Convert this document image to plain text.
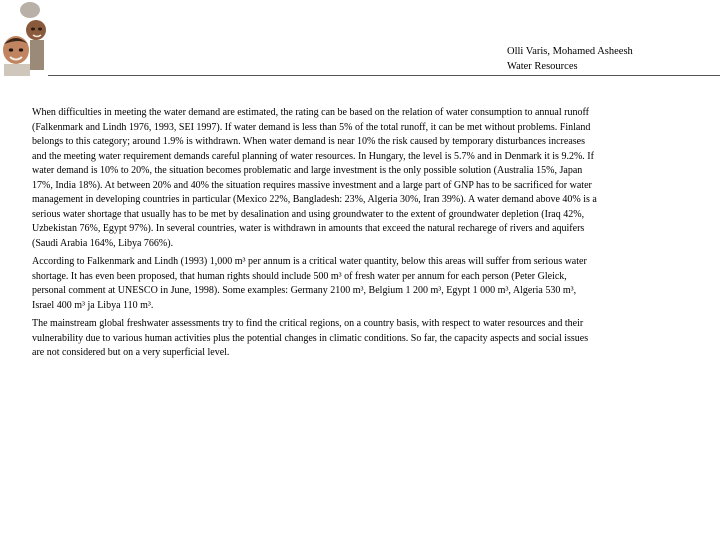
Olli Varis, Mohamed Asheesh
Water Resources

When difficulties in meeting the water demand are estimated, the rating can be based on the relation of water consumption to annual runoff (Falkenmark and Lindh 1976, 1993, SEI 1997). If water demand is less than 5% of the total runoff, it can be met without problems. Finland belongs to this category; around 1.9% is withdrawn. When water demand is near 10% the risk caused by temporary disturbances increases and the meeting water requirement demands careful planning of water resources. In Hungary, the level is 5.7% and in Denmark it is 9.2%. If water demand is 10% to 20%, the situation becomes problematic and large investment is the only possible solution (Australia 15%, Japan 17%, India 18%). At between 20% and 40% the situation requires massive investment and a large part of GNP has to be sacrificed for water management in developing countries in particular (Mexico 22%, Bangladesh: 23%, Algeria 30%, Iran 39%). A water demand above 40% is a serious water shortage that usually has to be met by desalination and using groundwater to the extent of groundwater depletion (Iraq 42%, Uzbekistan 76%, Egypt 97%). In several countries, water is withdrawn in amounts that exceed the natural recharege of rivers and aquifers (Saudi Arabia 164%, Libya 766%).

According to Falkenmark and Lindh (1993) 1,000 m³ per annum is a critical water quantity, below this areas will suffer from serious water shortage. It has even been proposed, that human rights should include 500 m³ of fresh water per annum for each person (Peter Gleick, personal comment at UNESCO in June, 1998). Some examples: Germany 2100 m³, Belgium 1 200 m³, Egypt 1 000 m³, Algeria 530 m³, Israel 400 m³ ja Libya 110 m³.

The mainstream global freshwater assessments try to find the critical regions, on a country basis, with respect to water resources and their vulnerability due to various human activities plus the potential changes in climatic conditions. So far, the capacity aspects and social issues are not considered but on a very superficial level.
